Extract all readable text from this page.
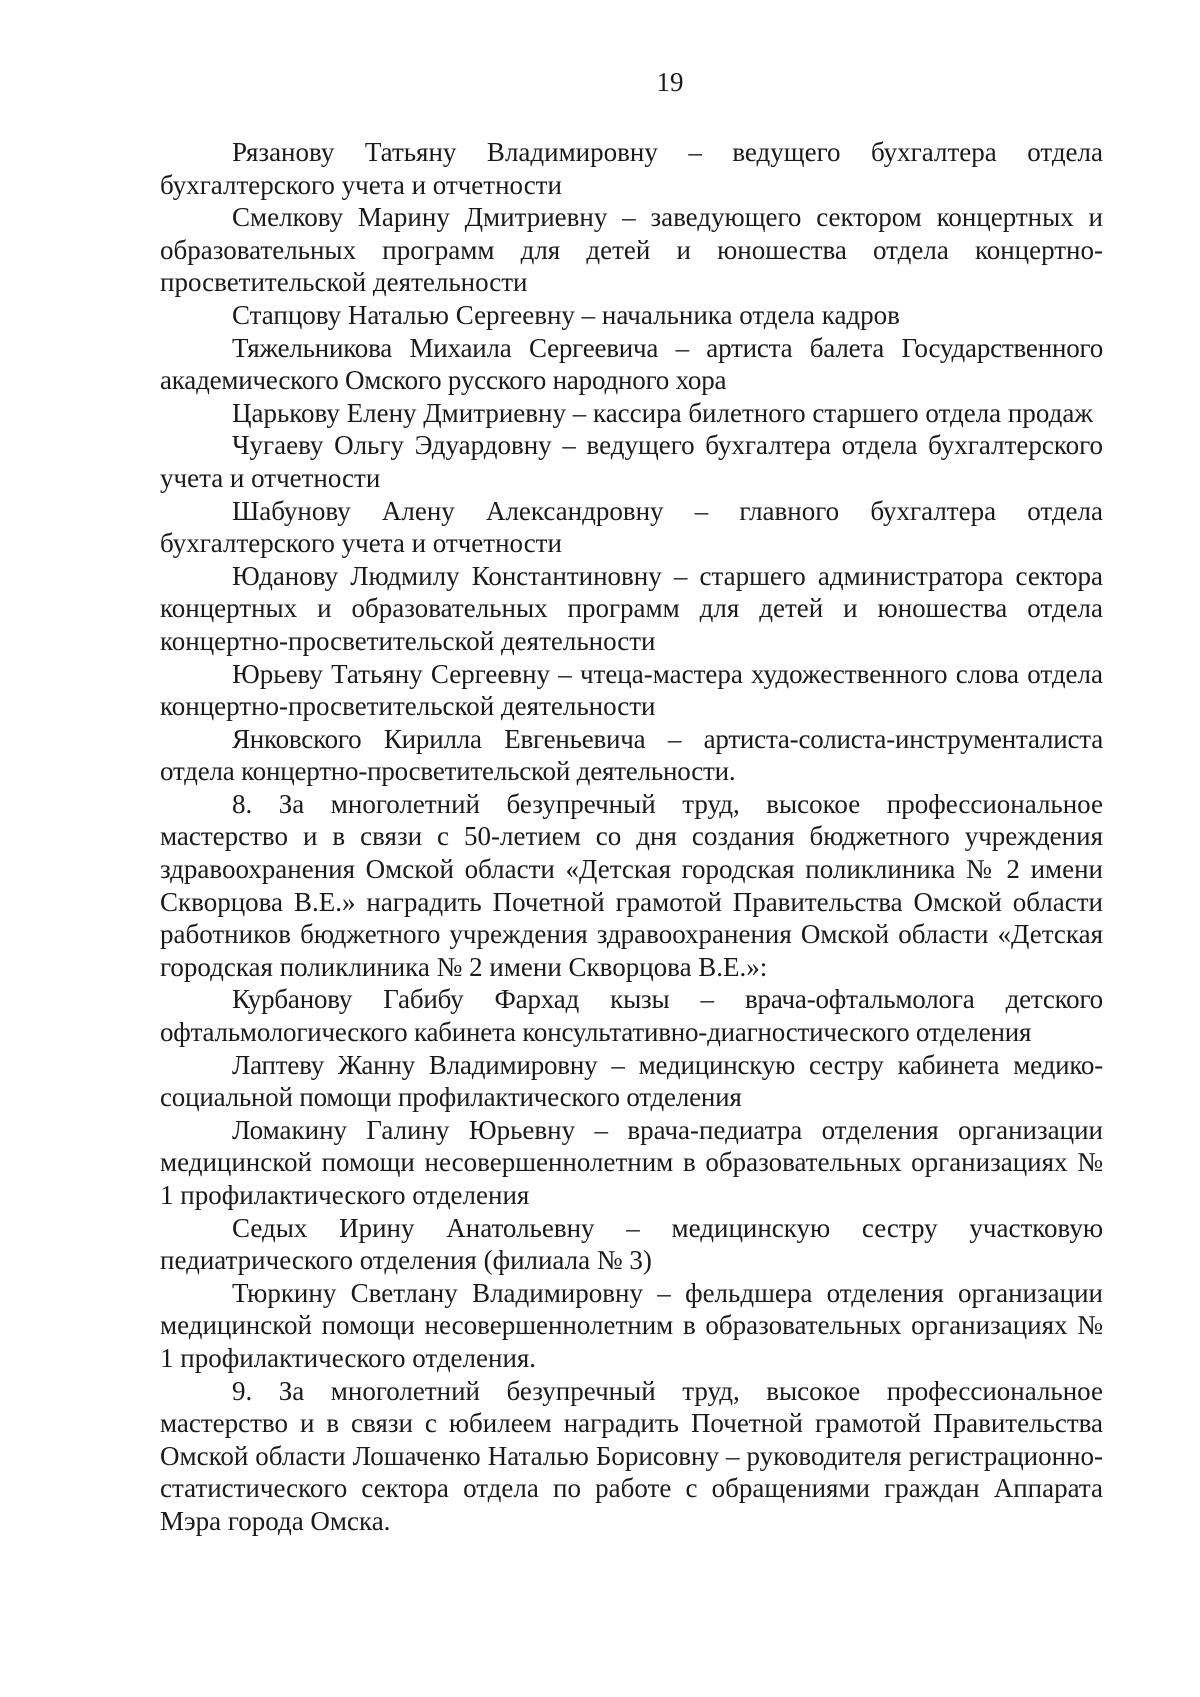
19

Рязанову Татьяну Владимировну – ведущего бухгалтера отдела бухгалтерского учета и отчетности

Смелкову Марину Дмитриевну – заведующего сектором концертных и образовательных программ для детей и юношества отдела концертно-просветительской деятельности

Стапцову Наталью Сергеевну – начальника отдела кадров

Тяжельникова Михаила Сергеевича – артиста балета Государственного академического Омского русского народного хора

Царькову Елену Дмитриевну – кассира билетного старшего отдела продаж

Чугаеву Ольгу Эдуардовну – ведущего бухгалтера отдела бухгалтерского учета и отчетности

Шабунову Алену Александровну – главного бухгалтера отдела бухгалтерского учета и отчетности

Юданову Людмилу Константиновну – старшего администратора сектора концертных и образовательных программ для детей и юношества отдела концертно-просветительской деятельности

Юрьеву Татьяну Сергеевну – чтеца-мастера художественного слова отдела концертно-просветительской деятельности

Янковского Кирилла Евгеньевича – артиста-солиста-инструменталиста отдела концертно-просветительской деятельности.

8. За многолетний безупречный труд, высокое профессиональное мастерство и в связи с 50-летием со дня создания бюджетного учреждения здравоохранения Омской области «Детская городская поликлиника № 2 имени Скворцова В.Е.» наградить Почетной грамотой Правительства Омской области работников бюджетного учреждения здравоохранения Омской области «Детская городская поликлиника № 2 имени Скворцова В.Е.»:

Курбанову Габибу Фархад кызы – врача-офтальмолога детского офтальмологического кабинета консультативно-диагностического отделения

Лаптеву Жанну Владимировну – медицинскую сестру кабинета медико-социальной помощи профилактического отделения

Ломакину Галину Юрьевну – врача-педиатра отделения организации медицинской помощи несовершеннолетним в образовательных организациях № 1 профилактического отделения

Седых Ирину Анатольевну – медицинскую сестру участковую педиатрического отделения (филиала № 3)

Тюркину Светлану Владимировну – фельдшера отделения организации медицинской помощи несовершеннолетним в образовательных организациях № 1 профилактического отделения.

9. За многолетний безупречный труд, высокое профессиональное мастерство и в связи с юбилеем наградить Почетной грамотой Правительства Омской области Лошаченко Наталью Борисовну – руководителя регистрационно-статистического сектора отдела по работе с обращениями граждан Аппарата Мэра города Омска.
